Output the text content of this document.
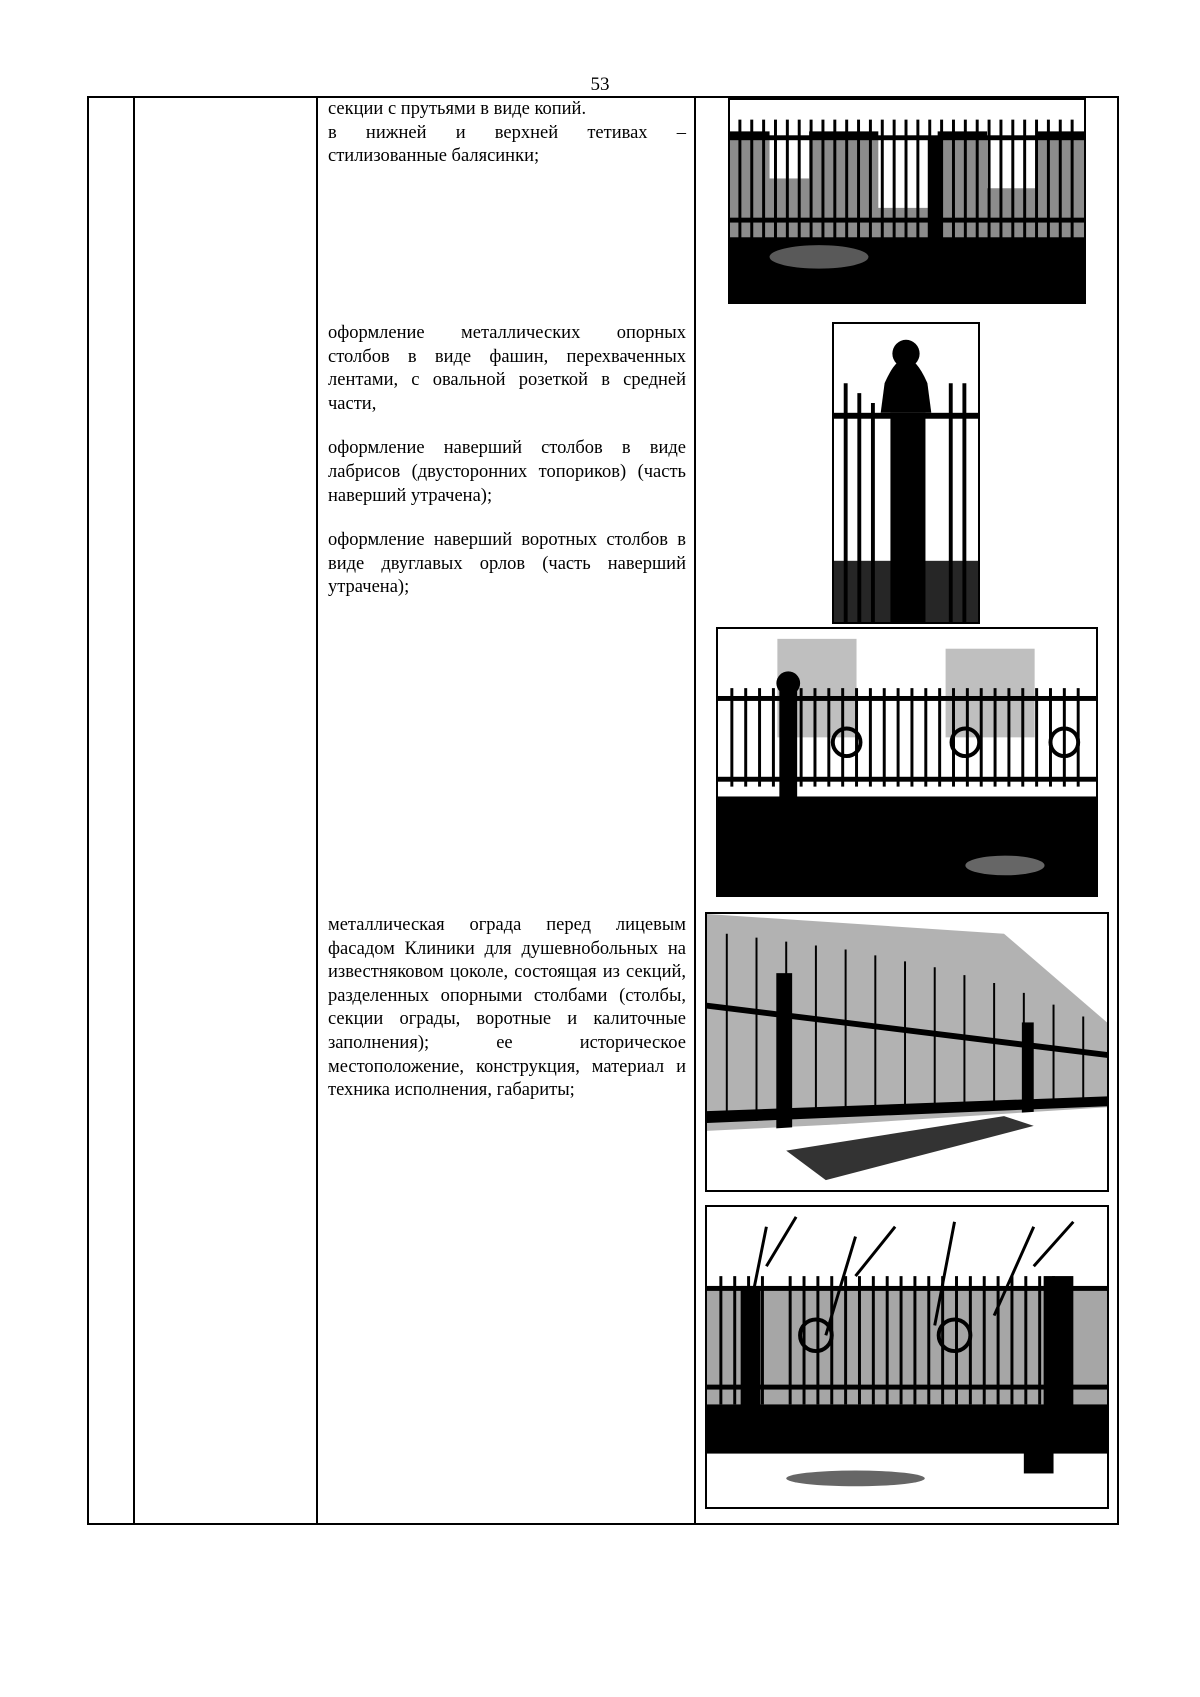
53

секции с прутьями в виде копий.

в нижней и верхней тетивах – стилизованные балясинки;

оформление металлических опорных столбов в виде фашин, перехваченных лентами, с овальной розеткой в средней части,

оформление наверший столбов в виде лабрисов (двусторонних топориков) (часть наверший утрачена);

оформление наверший воротных столбов в виде двуглавых орлов (часть наверший утрачена);

металлическая ограда перед лицевым фасадом Клиники для душевнобольных на известняковом цоколе, состоящая из секций, разделенных опорными столбами (столбы, секции ограды, воротные и калиточные заполнения); ее историческое местоположение, конструкция, материал и техника исполнения, габариты;
